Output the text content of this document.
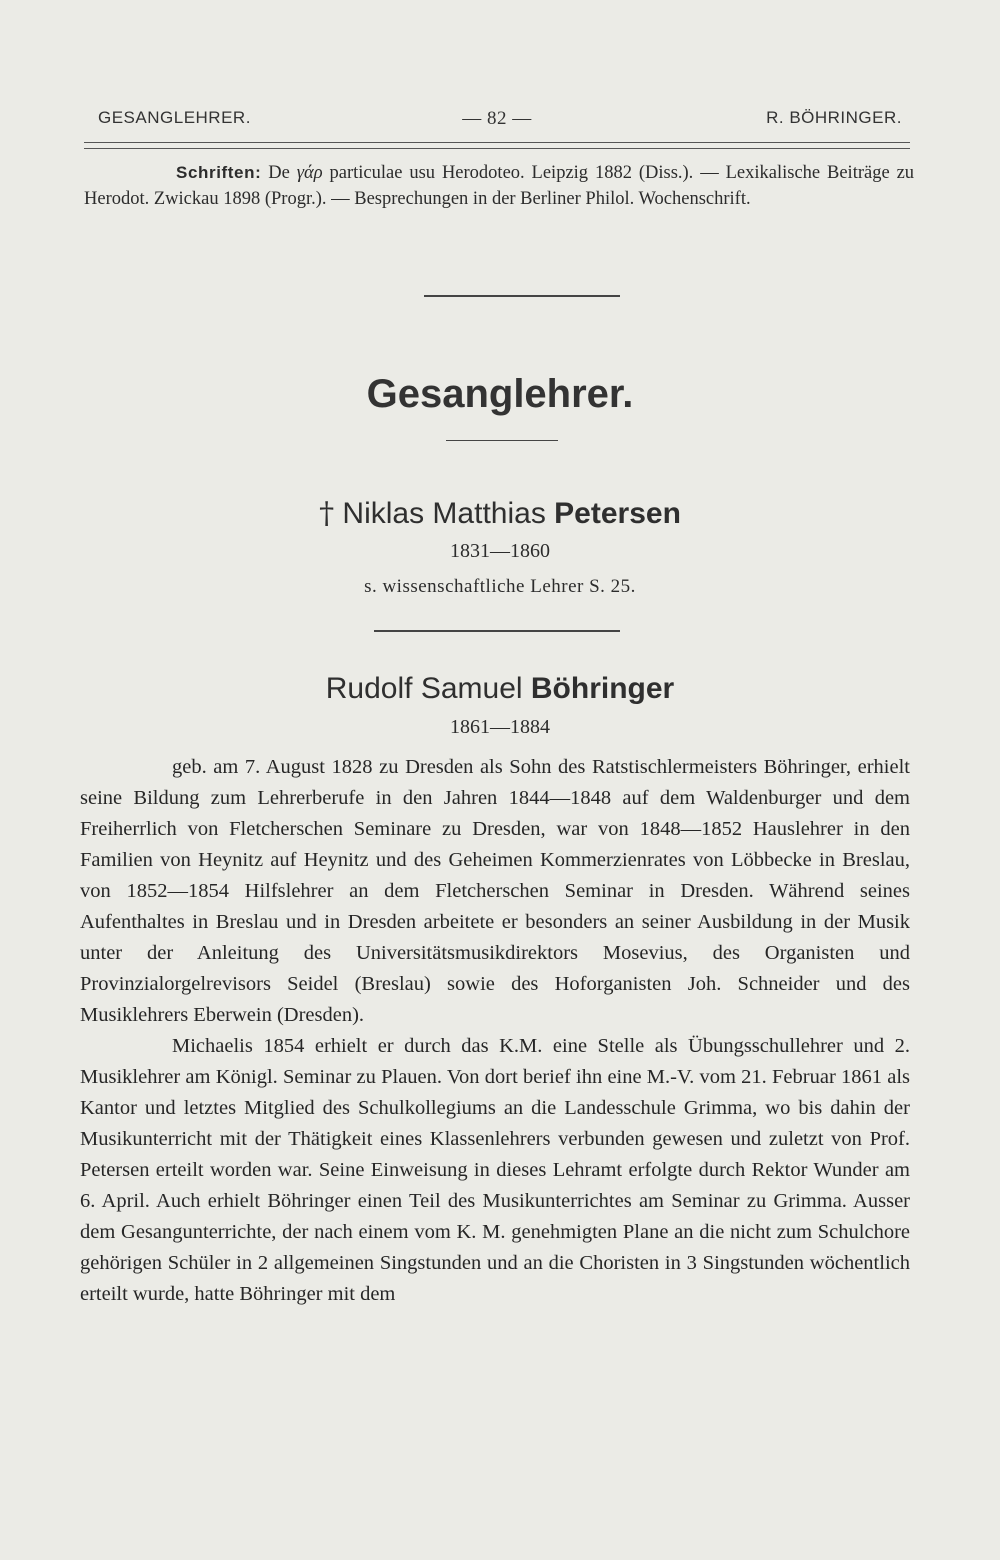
GESANGLEHRER.	— 82 —	R. BÖHRINGER.
Schriften: De γάρ particulae usu Herodoteo. Leipzig 1882 (Diss.). — Lexikalische Beiträge zu Herodot. Zwickau 1898 (Progr.). — Besprechungen in der Berliner Philol. Wochenschrift.
Gesanglehrer.
† Niklas Matthias Petersen
1831—1860
s. wissenschaftliche Lehrer S. 25.
Rudolf Samuel Böhringer
1861—1884

geb. am 7. August 1828 zu Dresden als Sohn des Ratstischlermeisters Böhringer, erhielt seine Bildung zum Lehrerberufe in den Jahren 1844—1848 auf dem Waldenburger und dem Freiherrlich von Fletcherschen Seminare zu Dresden, war von 1848—1852 Hauslehrer in den Familien von Heynitz auf Heynitz und des Geheimen Kommerzienrates von Löbbecke in Breslau, von 1852—1854 Hilfslehrer an dem Fletcherschen Seminar in Dresden. Während seines Aufenthaltes in Breslau und in Dresden arbeitete er besonders an seiner Ausbildung in der Musik unter der Anleitung des Universitätsmusikdirektors Mosevius, des Organisten und Provinzialorgelrevisors Seidel (Breslau) sowie des Hoforganisten Joh. Schneider und des Musiklehrers Eberwein (Dresden).

Michaelis 1854 erhielt er durch das K.M. eine Stelle als Übungsschullehrer und 2. Musiklehrer am Königl. Seminar zu Plauen. Von dort berief ihn eine M.-V. vom 21. Februar 1861 als Kantor und letztes Mitglied des Schulkollegiums an die Landesschule Grimma, wo bis dahin der Musikunterricht mit der Thätigkeit eines Klassenlehrers verbunden gewesen und zuletzt von Prof. Petersen erteilt worden war. Seine Einweisung in dieses Lehramt erfolgte durch Rektor Wunder am 6. April. Auch erhielt Böhringer einen Teil des Musikunterrichtes am Seminar zu Grimma. Ausser dem Gesangunterrichte, der nach einem vom K. M. genehmigten Plane an die nicht zum Schulchore gehörigen Schüler in 2 allgemeinen Singstunden und an die Choristen in 3 Singstunden wöchentlich erteilt wurde, hatte Böhringer mit dem
